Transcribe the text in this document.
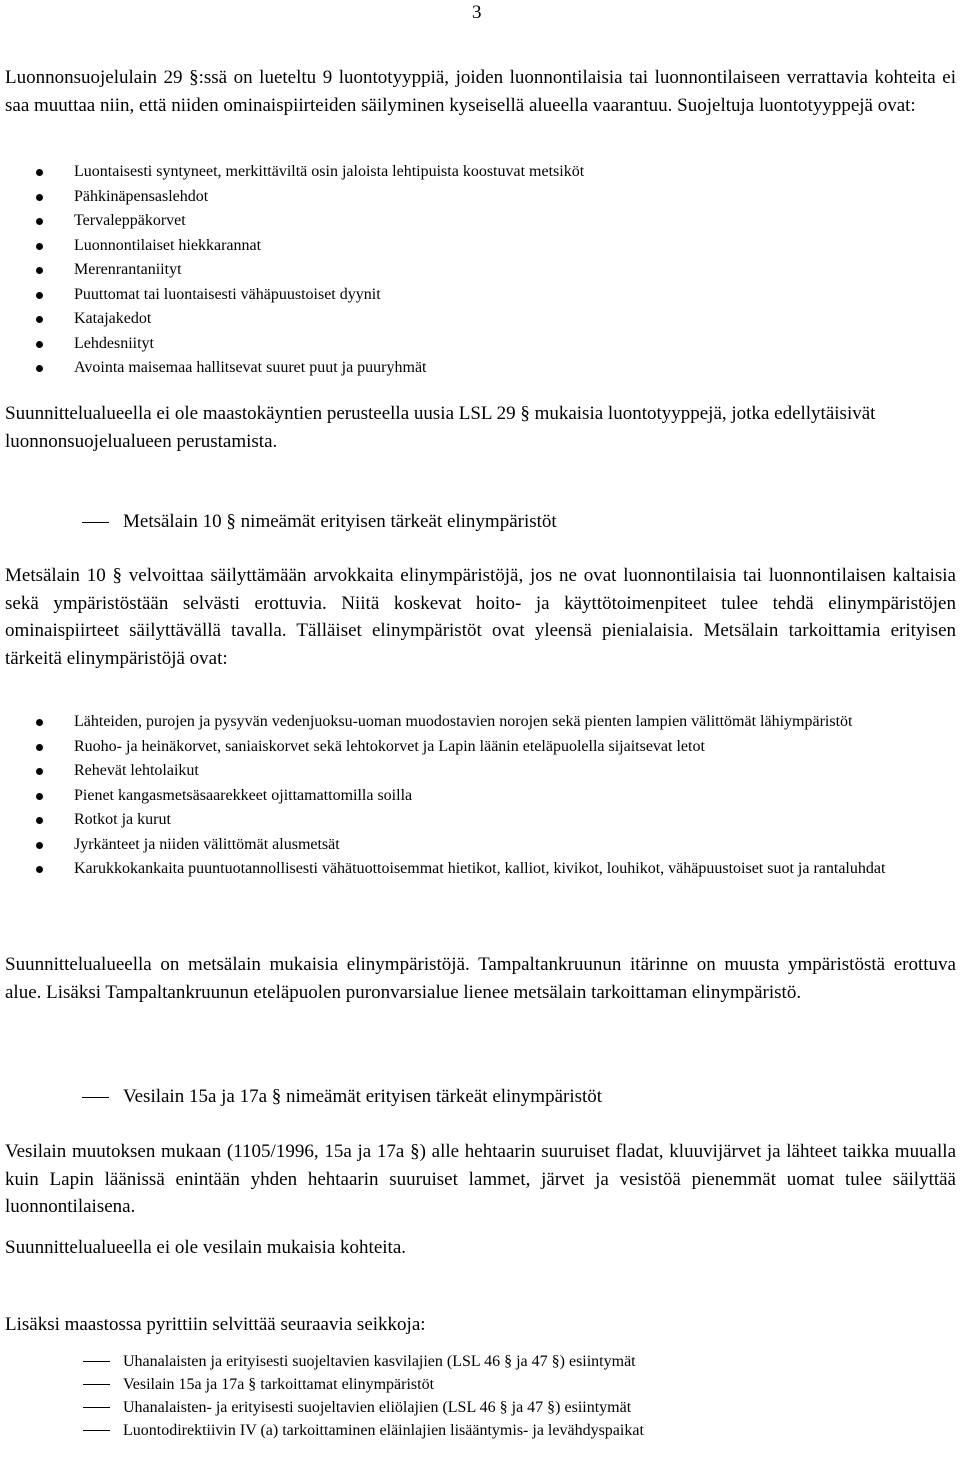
3

Luonnonsuojelulain 29 §:ssä on lueteltu 9 luontotyyppiä, joiden luonnontilaisia tai luonnontilaiseen verrattavia kohteita ei saa muuttaa niin, että niiden ominaispiirteiden säilyminen kyseisellä alueella vaarantuu. Suojeltuja luontotyyppejä ovat:

Luontaisesti syntyneet, merkittäviltä osin jaloista lehtipuista koostuvat metsiköt
Pähkinäpensaslehdot
Tervaleppäkorvet
Luonnontilaiset hiekkarannat
Merenrantaniityt
Puuttomat tai luontaisesti vähäpuustoiset dyynit
Katajakedot
Lehdesniityt
Avointa maisemaa hallitsevat suuret puut ja puuryhmät

Suunnittelualueella ei ole maastokäyntien perusteella uusia LSL 29 § mukaisia luontotyyppejä, jotka edellytäisivät luonnonsuojelualueen perustamista.

Metsälain 10 § nimeämät erityisen tärkeät elinympäristöt

Metsälain 10 § velvoittaa säilyttämään arvokkaita elinympäristöjä, jos ne ovat luonnontilaisia tai luonnontilaisen kaltaisia sekä ympäristöstään selvästi erottuvia. Niitä koskevat hoito- ja käyttötoimenpiteet tulee tehdä elinympäristöjen ominaispiirteet säilyttävällä tavalla. Tälläiset elinympäristöt ovat yleensä pienialaisia. Metsälain tarkoittamia erityisen tärkeitä elinympäristöjä ovat:

Lähteiden, purojen ja pysyvän vedenjuoksu-uoman muodostavien norojen sekä pienten lampien välittömät lähiympäristöt
Ruoho- ja heinäkorvet, saniaiskorvet sekä lehtokorvet ja Lapin läänin eteläpuolella sijaitsevat letot
Rehevät lehtolaikut
Pienet kangasmetsäsaarekkeet ojittamattomilla soilla
Rotkot ja kurut
Jyrkänteet ja niiden välittömät alusmetsät
Karukkokankaita puuntuotannollisesti vähätuottoisemmat hietikot, kalliot, kivikot, louhikot, vähäpuustoiset suot ja rantaluhdat

Suunnittelualueella on metsälain mukaisia elinympäristöjä. Tampaltankruunun itärinne on muusta ympäristöstä erottuva alue. Lisäksi Tampaltankruunun eteläpuolen puronvarsialue lienee metsälain tarkoittaman elinympäristö.

Vesilain 15a ja 17a § nimeämät erityisen tärkeät elinympäristöt

Vesilain muutoksen mukaan (1105/1996, 15a ja 17a §) alle hehtaarin suuruiset fladat, kluuvijärvet ja lähteet taikka muualla kuin Lapin läänissä enintään yhden hehtaarin suuruiset lammet, järvet ja vesistöä pienemmät uomat tulee säilyttää luonnontilaisena.

Suunnittelualueella ei ole vesilain mukaisia kohteita.

Lisäksi maastossa pyrittiin selvittää seuraavia seikkoja:

Uhanalaisten ja erityisesti suojeltavien kasvilajien (LSL 46 § ja 47 §) esiintymät
Vesilain 15a ja 17a § tarkoittamat elinympäristöt
Uhanalaisten- ja erityisesti suojeltavien eliölajien (LSL 46 § ja 47 §) esiintymät
Luontodirektiivin IV (a) tarkoittaminen eläinlajien lisääntymis- ja levähdyspaikat
